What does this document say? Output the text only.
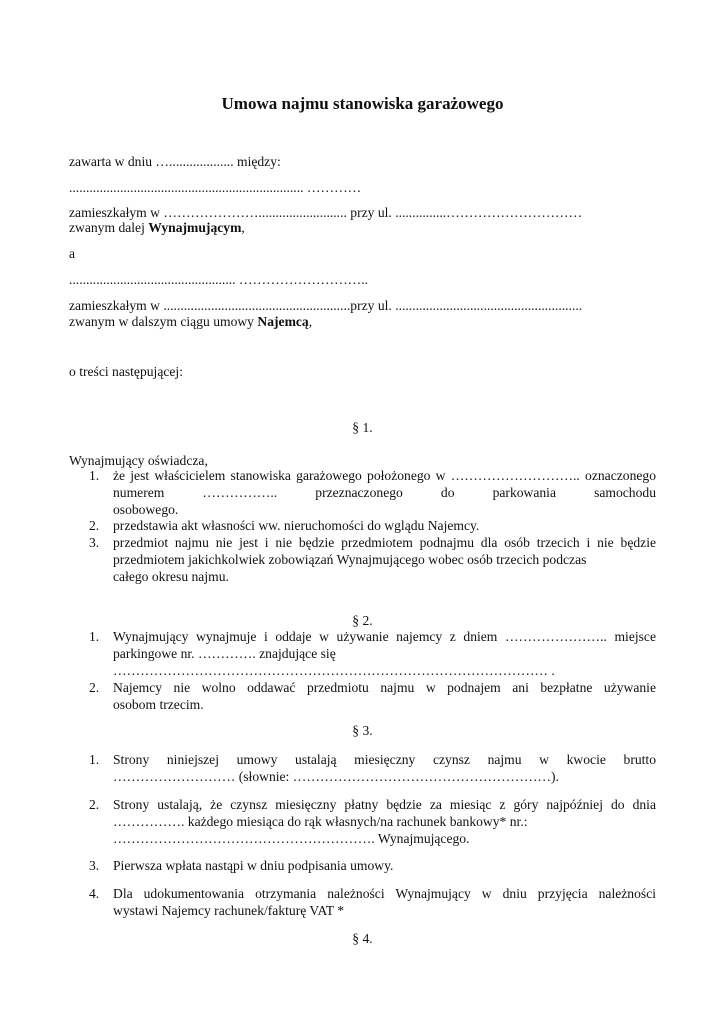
Umowa najmu stanowiska garażowego
zawarta w dniu …................... między:
..................................................................... …………
zamieszkałym w ………………….......................... przy ul. ...............…………………………
zwanym dalej Wynajmującym,
a
................................................. ………………………..
zamieszkałym w .......................................................przy ul. .......................................................
zwanym w dalszym ciągu umowy Najemcą,
o treści następującej:
§ 1.
Wynajmujący oświadcza,
1.	że jest właścicielem stanowiska garażowego położonego w ……………………….. oznaczonego numerem …………….. przeznaczonego do parkowania samochodu
osobowego.
2.	przedstawia akt własności ww. nieruchomości do wglądu Najemcy.
3.	przedmiot najmu nie jest i nie będzie przedmiotem podnajmu dla osób trzecich i nie będzie przedmiotem jakichkolwiek zobowiązań Wynajmującego wobec osób trzecich podczas
całego okresu najmu.
§ 2.
1.	Wynajmujący wynajmuje i oddaje w używanie najemcy z dniem ………………….. miejsce parkingowe nr. …………. znajdujące się
…………………………………………………………………………………… .
2.	Najemcy nie wolno oddawać przedmiotu najmu w podnajem ani bezpłatne używanie
osobom trzecim.
§ 3.
1.	Strony niniejszej umowy ustalają miesięczny czynsz najmu w kwocie brutto
……………………… (słownie: …………………………………………………).
2.	Strony ustalają, że czynsz miesięczny płatny będzie za miesiąc z góry najpóźniej do dnia ……………. każdego miesiąca do rąk własnych/na rachunek bankowy* nr.:
…………………………………………………. Wynajmującego.
3.	Pierwsza wpłata nastąpi w dniu podpisania umowy.
4.	Dla udokumentowania otrzymania należności Wynajmujący w dniu przyjęcia należności
wystawi Najemcy rachunek/fakturę VAT *
§ 4.
